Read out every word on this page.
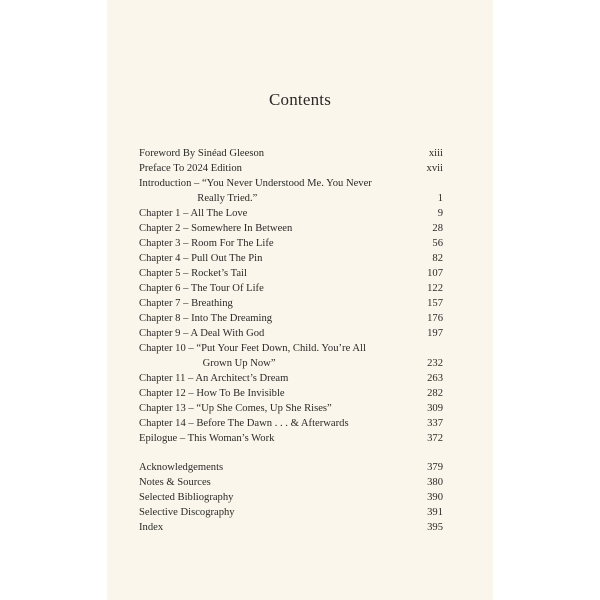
Contents
Foreword By Sinéad Gleeson	xiii
Preface To 2024 Edition	xvii
Introduction – “You Never Understood Me. You Never
Really Tried.”	1
Chapter 1 – All The Love	9
Chapter 2 – Somewhere In Between	28
Chapter 3 – Room For The Life	56
Chapter 4 – Pull Out The Pin	82
Chapter 5 – Rocket’s Tail	107
Chapter 6 – The Tour Of Life	122
Chapter 7 – Breathing	157
Chapter 8 – Into The Dreaming	176
Chapter 9 – A Deal With God	197
Chapter 10 – “Put Your Feet Down, Child. You’re All
Grown Up Now”	232
Chapter 11 – An Architect’s Dream	263
Chapter 12 – How To Be Invisible	282
Chapter 13 – “Up She Comes, Up She Rises”	309
Chapter 14 – Before The Dawn . . . & Afterwards	337
Epilogue – This Woman’s Work	372
Acknowledgements	379
Notes & Sources	380
Selected Bibliography	390
Selective Discography	391
Index	395
